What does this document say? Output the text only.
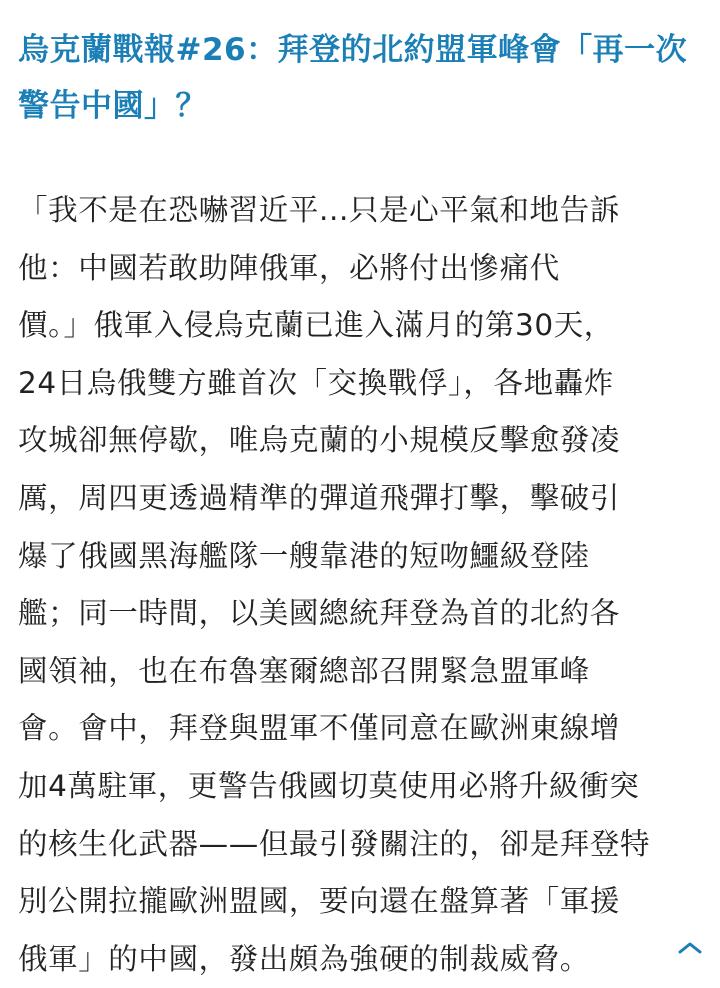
烏克蘭戰報#26：拜登的北約盟軍峰會「再一次
警告中國」？
「我不是在恐嚇習近平...只是心平氣和地告訴
他：中國若敢助陣俄軍，必將付出慘痛代
價。」俄軍入侵烏克蘭已進入滿月的第30天，
24日烏俄雙方雖首次「交換戰俘」，各地轟炸
攻城卻無停歇，唯烏克蘭的小規模反擊愈發凌
厲，周四更透過精準的彈道飛彈打擊，擊破引
爆了俄國黑海艦隊一艘靠港的短吻鱷級登陸
艦；同一時間，以美國總統拜登為首的北約各
國領袖，也在布魯塞爾總部召開緊急盟軍峰
會。會中，拜登與盟軍不僅同意在歐洲東線增
加4萬駐軍，更警告俄國切莫使用必將升級衝突
的核生化武器——但最引發關注的，卻是拜登特
別公開拉攏歐洲盟國，要向還在盤算著「軍援
俄軍」的中國，發出頗為強硬的制裁威脅。
